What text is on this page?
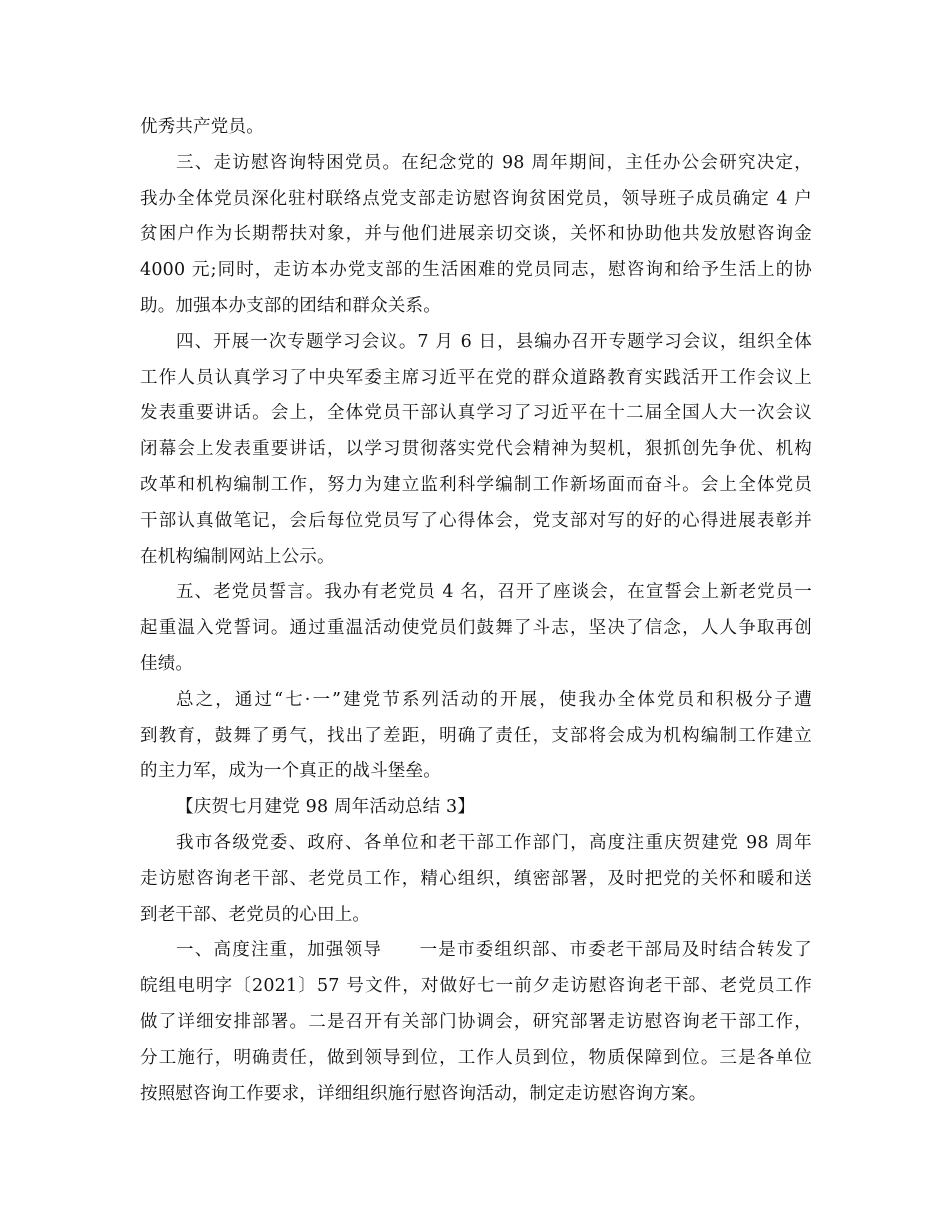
优秀共产党员。
三、走访慰咨询特困党员。在纪念党的 98 周年期间，主任办公会研究决定，
我办全体党员深化驻村联络点党支部走访慰咨询贫困党员，领导班子成员确定 4 户
贫困户作为长期帮扶对象，并与他们进展亲切交谈，关怀和协助他共发放慰咨询金
4000 元;同时，走访本办党支部的生活困难的党员同志，慰咨询和给予生活上的协
助。加强本办支部的团结和群众关系。
四、开展一次专题学习会议。7 月 6 日，县编办召开专题学习会议，组织全体
工作人员认真学习了中央军委主席习近平在党的群众道路教育实践活开工作会议上
发表重要讲话。会上，全体党员干部认真学习了习近平在十二届全国人大一次会议
闭幕会上发表重要讲话，以学习贯彻落实党代会精神为契机，狠抓创先争优、机构
改革和机构编制工作，努力为建立监利科学编制工作新场面而奋斗。会上全体党员
干部认真做笔记，会后每位党员写了心得体会，党支部对写的好的心得进展表彰并
在机构编制网站上公示。
五、老党员誓言。我办有老党员 4 名，召开了座谈会，在宣誓会上新老党员一
起重温入党誓词。通过重温活动使党员们鼓舞了斗志，坚决了信念，人人争取再创
佳绩。
总之，通过“七·一”建党节系列活动的开展，使我办全体党员和积极分子遭
到教育，鼓舞了勇气，找出了差距，明确了责任，支部将会成为机构编制工作建立
的主力军，成为一个真正的战斗堡垒。
【庆贺七月建党 98 周年活动总结 3】
我市各级党委、政府、各单位和老干部工作部门，高度注重庆贺建党 98 周年
走访慰咨询老干部、老党员工作，精心组织，缜密部署，及时把党的关怀和暖和送
到老干部、老党员的心田上。
一、高度注重，加强领导　　一是市委组织部、市委老干部局及时结合转发了
皖组电明字〔2021〕57 号文件，对做好七一前夕走访慰咨询老干部、老党员工作
做了详细安排部署。二是召开有关部门协调会，研究部署走访慰咨询老干部工作，
分工施行，明确责任，做到领导到位，工作人员到位，物质保障到位。三是各单位
按照慰咨询工作要求，详细组织施行慰咨询活动，制定走访慰咨询方案。
